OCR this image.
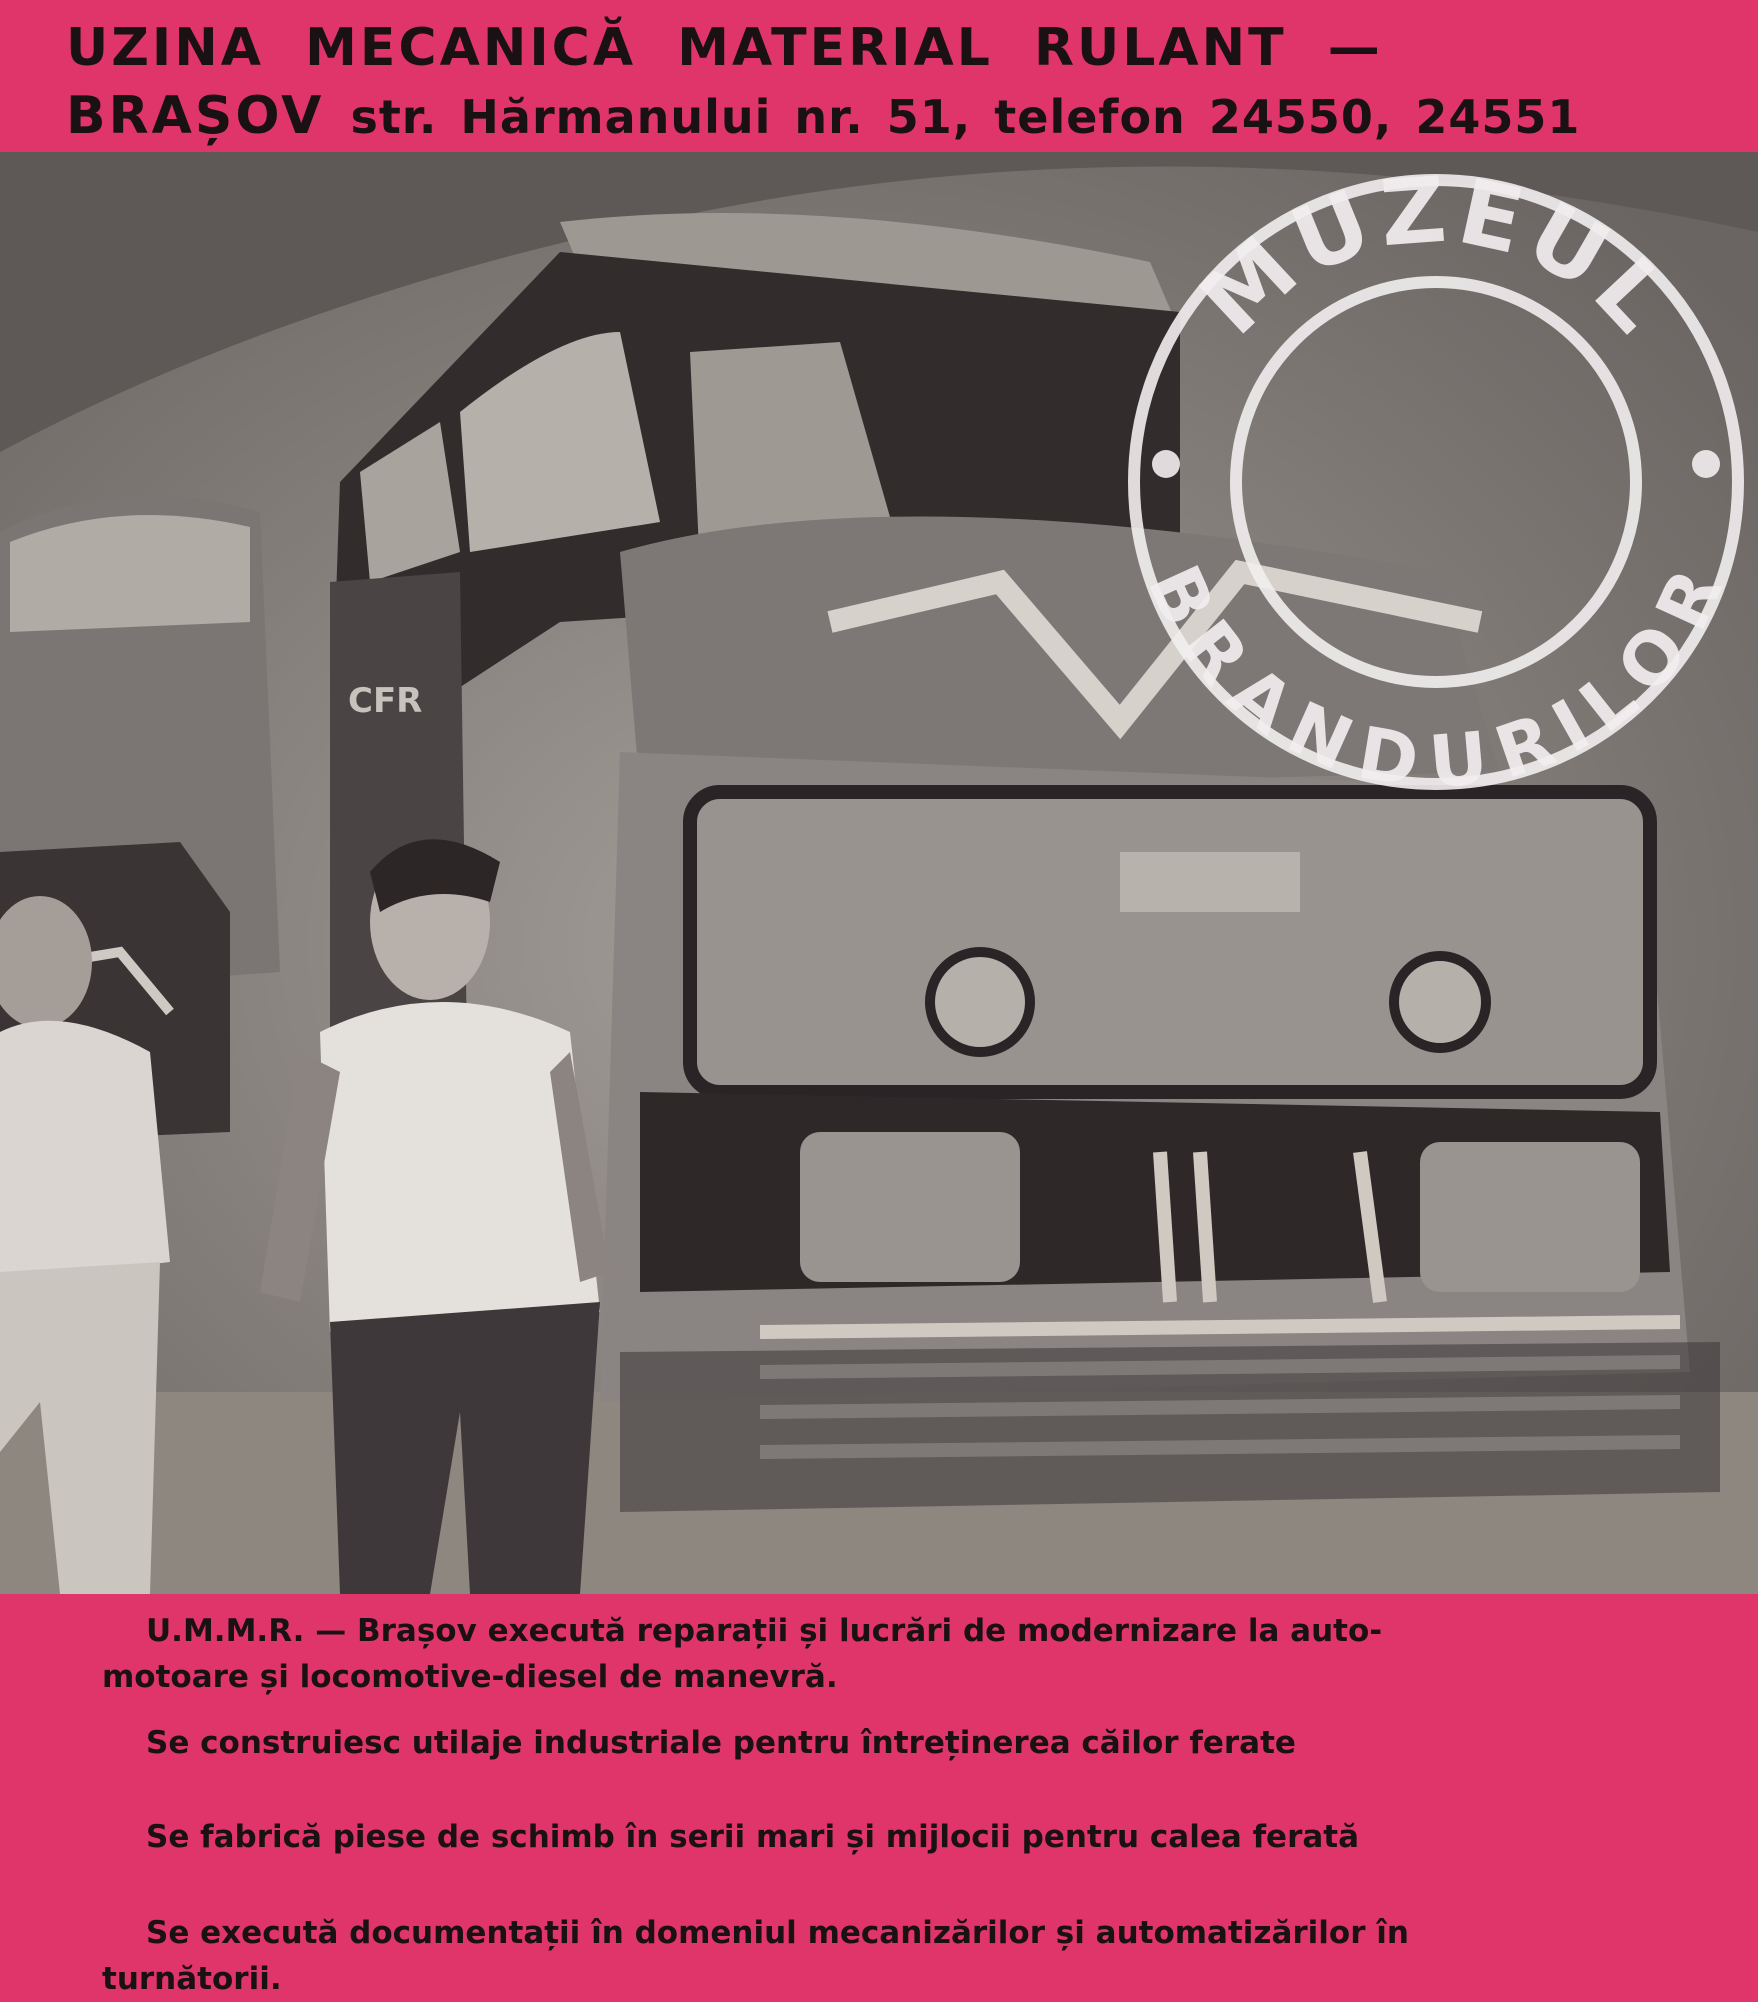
UZINA MECANICĂ MATERIAL RULANT —
BRAȘOV str. Hărmanului nr. 51, telefon 24550, 24551
CFR
MUZEUL
BRANDURILOR
U.M.M.R. — Brașov execută reparații și lucrări de modernizare la auto-
motoare și locomotive-diesel de manevră.
Se construiesc utilaje industriale pentru întreținerea căilor ferate
Se fabrică piese de schimb în serii mari și mijlocii pentru calea ferată
Se execută documentații în domeniul mecanizărilor și automatizărilor în
turnătorii.
